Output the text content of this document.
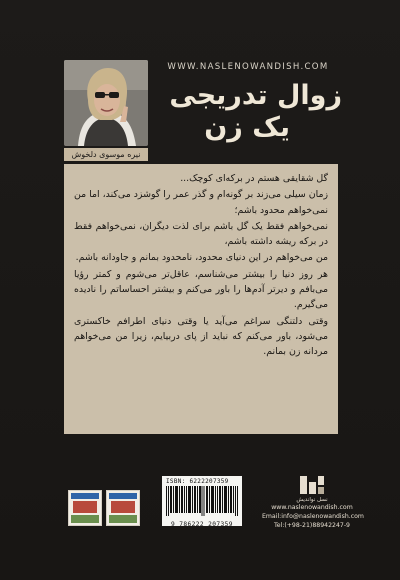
نیره موسوی دلخوش
WWW.NASLENOWANDISH.COM
زوال تدریجی
یک زن

گل شقایقی هستم در برکه‌ای کوچک...

زمان سیلی می‌زند بر گونه‌ام و گذر عمر را گوشزد می‌کند، اما من نمی‌خواهم محدود باشم؛

نمی‌خواهم فقط یک گل باشم برای لذت دیگران، نمی‌خواهم فقط در برکه ریشه داشته باشم،

من می‌خواهم در این دنیای محدود، نامحدود بمانم و جاودانه باشم.

هر روز دنیا را بیشتر می‌شناسم، عاقل‌تر می‌شوم و کمتر رؤیا می‌بافم و دیرتر آدم‌ها را باور می‌کنم و بیشتر احساساتم را نادیده می‌گیرم.

وقتی دلتنگی سراغم می‌آید یا وقتی دنیای اطرافم خاکستری می‌شود، باور می‌کنم که نباید از پای دربیایم، زیرا من می‌خواهم مردانه زن بمانم.

ISBN: 6222207359
9 786222 207359
نسل نواندیش
www.naslenowandish.com
Email:info@naslenowandish.com
Tel:(+98-21)88942247-9
